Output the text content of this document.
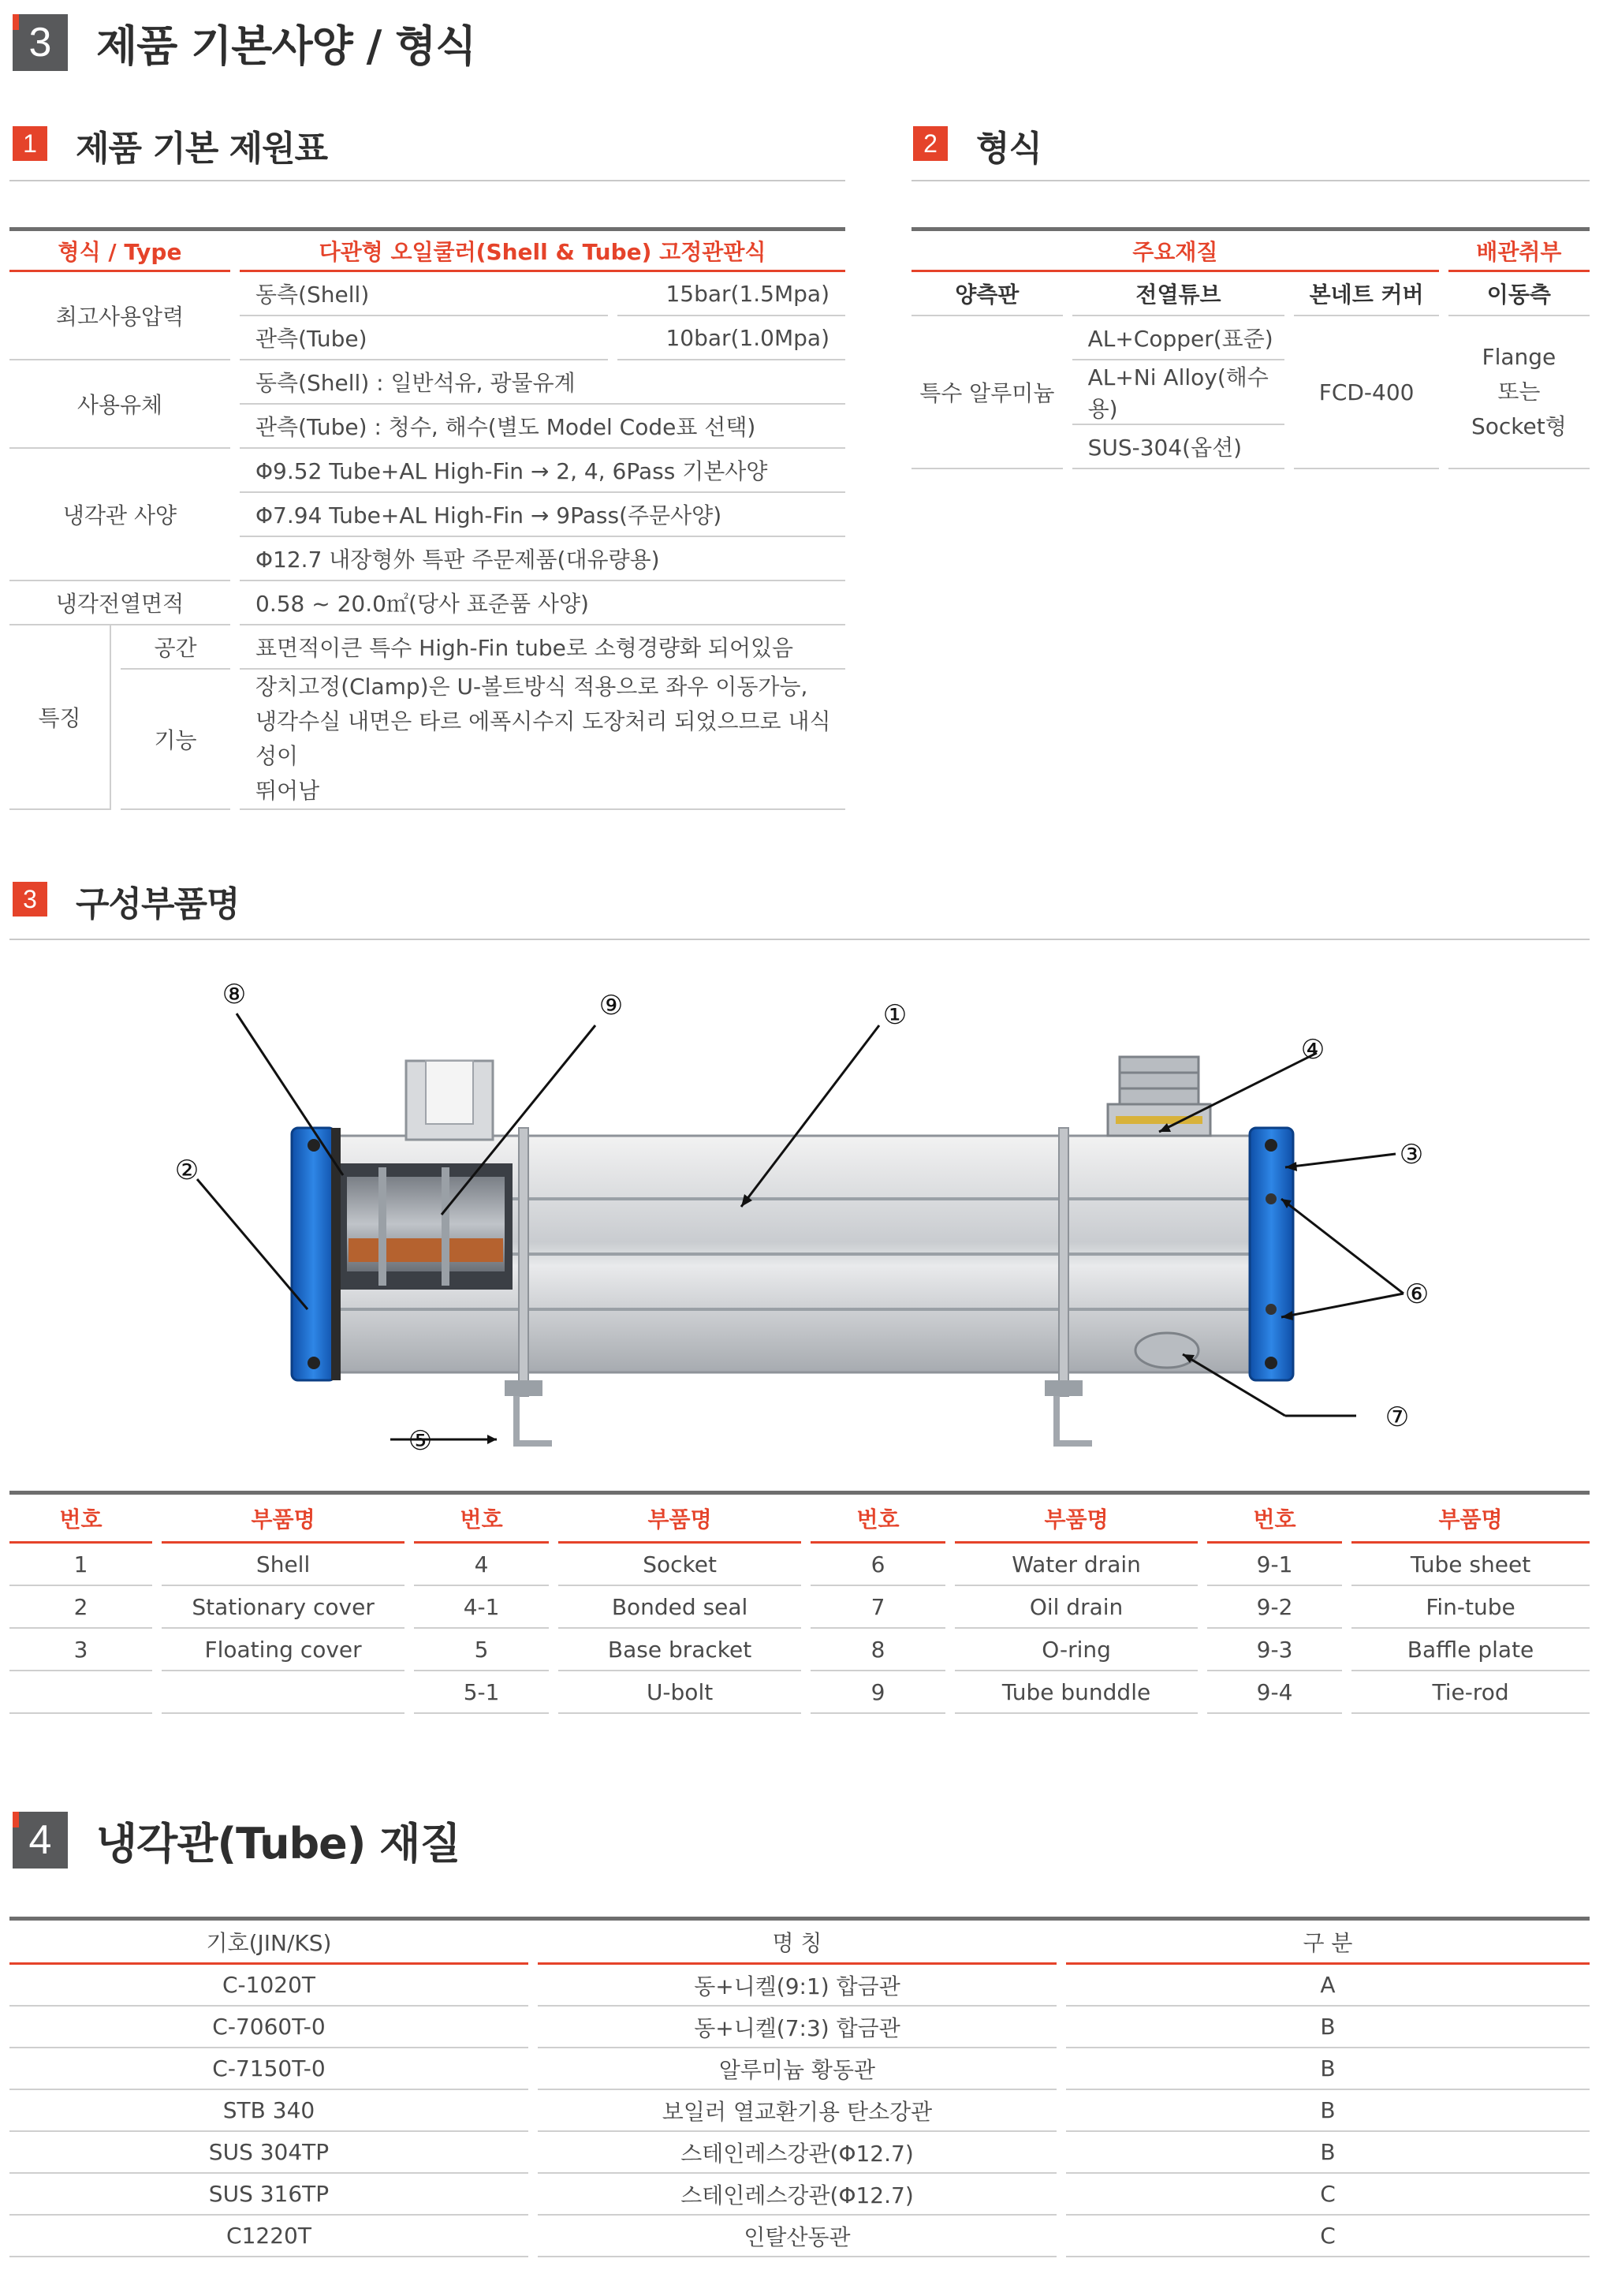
3	제품 기본사양 / 형식
1 제품 기본 제원표
형식 / Type		다관형 오일쿨러(Shell & Tube) 고정관판식	
최고사용압력		동측(Shell)	15bar(1.5Mpa)
		관측(Tube)	10bar(1.0Mpa)
사용유체		동측(Shell) : 일반석유, 광물유계	
		관측(Tube) : 청수, 해수(별도 Model Code표 선택)	
냉각관 사양		Φ9.52 Tube+AL High-Fin → 2, 4, 6Pass 기본사양	
		Φ7.94 Tube+AL High-Fin → 9Pass(주문사양)	
		Φ12.7 내장형外 특판 주문제품(대유량용)	
냉각전열면적		0.58 ~ 20.0㎡(당사 표준품 사양)	
특징	공간	표면적이큰 특수 High-Fin tube로 소형경량화 되어있음	
	기능	장치고정(Clamp)은 U-볼트방식 적용으로 좌우 이동가능,
냉각수실 내면은 타르 에폭시수지 도장처리 되었으므로 내식성이
뛰어남	
2 형식
주요재질			배관취부
양측판	전열튜브	본네트 커버	이동측
특수 알루미늄	AL+Copper(표준)	FCD-400	Flange
또는
Socket형
	AL+Ni Alloy(해수용)		
	SUS-304(옵션)		
3 구성부품명
①
②	③
④
⑤
⑥
⑦
⑧	⑨
번호	부품명	번호	부품명	번호	부품명	번호	부품명
1	Shell	4	Socket	6	Water drain	9-1	Tube sheet
2	Stationary cover	4-1	Bonded seal	7	Oil drain	9-2	Fin-tube
3	Floating cover	5	Base bracket	8	O-ring	9-3	Baffle plate
		5-1	U-bolt	9	Tube bunddle	9-4	Tie-rod
4	냉각관(Tube) 재질
기호(JIN/KS)	명 칭	구 분
C-1020T	동+니켈(9:1) 합금관	A
C-7060T-0	동+니켈(7:3) 합금관	B
C-7150T-0	알루미늄 황동관	B
STB 340	보일러 열교환기용 탄소강관	B
SUS 304TP	스테인레스강관(Φ12.7)	B
SUS 316TP	스테인레스강관(Φ12.7)	C
C1220T	인탈산동관	C
